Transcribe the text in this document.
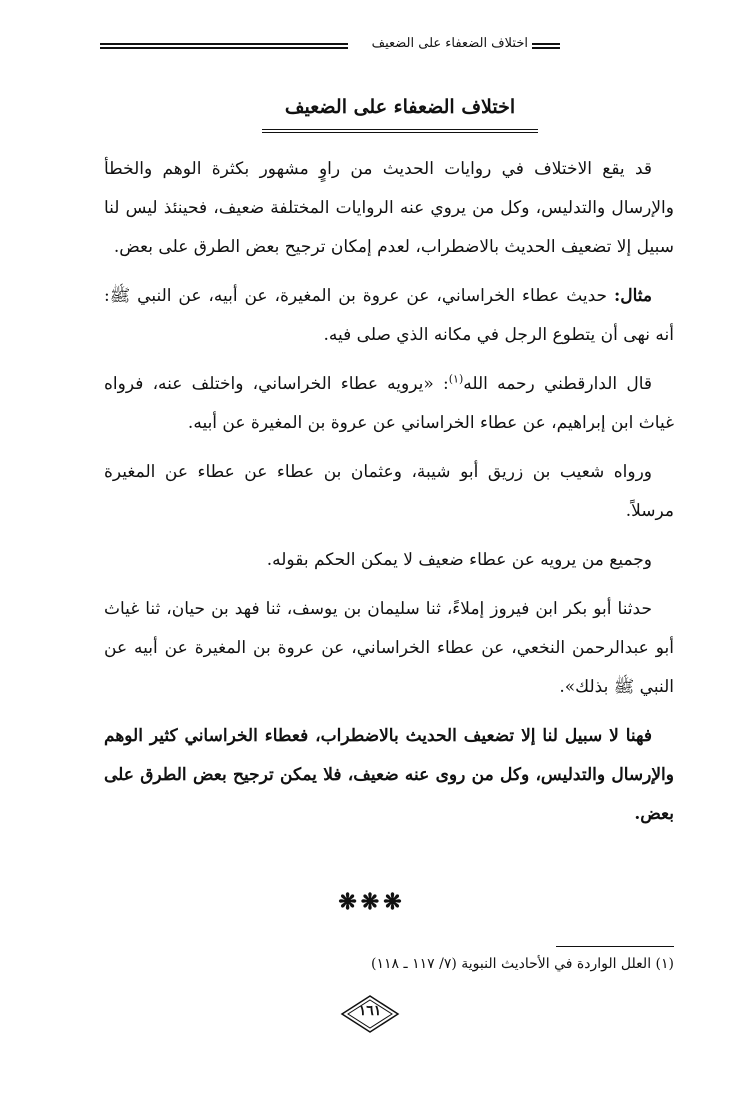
اختلاف الضعفاء على الضعيف
اختلاف الضعفاء على الضعيف

قد يقع الاختلاف في روايات الحديث من راوٍ مشهور بكثرة الوهم والخطأ والإرسال والتدليس، وكل من يروي عنه الروايات المختلفة ضعيف، فحينئذ ليس لنا سبيل إلا تضعيف الحديث بالاضطراب، لعدم إمكان ترجيح بعض الطرق على بعض.

مثال: حديث عطاء الخراساني، عن عروة بن المغيرة، عن أبيه، عن النبي ﷺ: أنه نهى أن يتطوع الرجل في مكانه الذي صلى فيه.

قال الدارقطني رحمه الله$^{(١)}$: «يرويه عطاء الخراساني، واختلف عنه، فرواه غياث ابن إبراهيم، عن عطاء الخراساني عن عروة بن المغيرة عن أبيه.

ورواه شعيب بن زريق أبو شيبة، وعثمان بن عطاء عن عطاء عن المغيرة مرسلاً.

وجميع من يرويه عن عطاء ضعيف لا يمكن الحكم بقوله.

حدثنا أبو بكر ابن فيروز إملاءً، ثنا سليمان بن يوسف، ثنا فهد بن حيان، ثنا غياث أبو عبدالرحمن النخعي، عن عطاء الخراساني، عن عروة بن المغيرة عن أبيه عن النبي ﷺ بذلك».

فهنا لا سبيل لنا إلا تضعيف الحديث بالاضطراب، فعطاء الخراساني كثير الوهم والإرسال والتدليس، وكل من روى عنه ضعيف، فلا يمكن ترجيح بعض الطرق على بعض.

❋❋❋

(١) العلل الواردة في الأحاديث النبوية (٧/ ١١٧ ـ ١١٨)

١٦١
